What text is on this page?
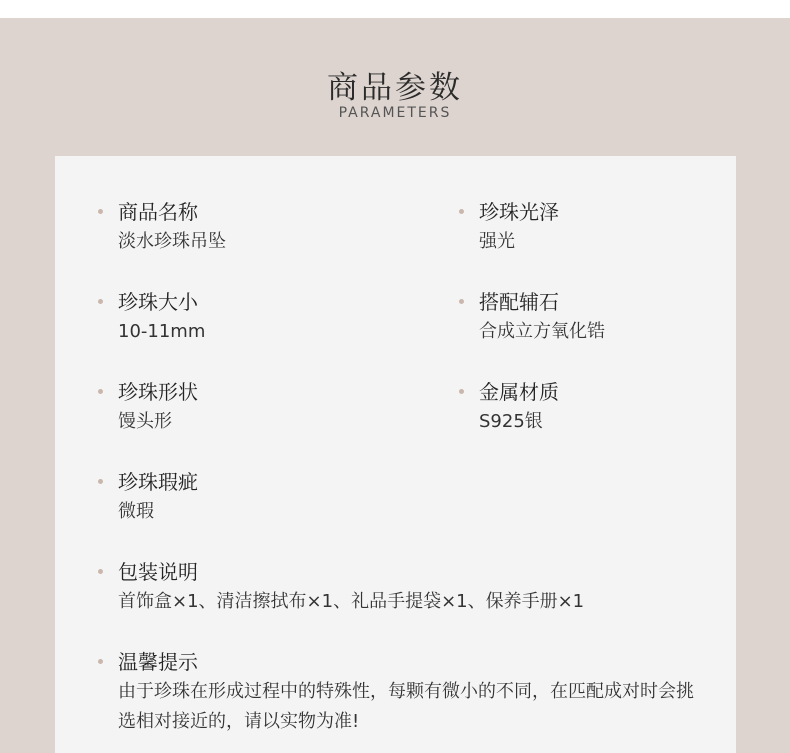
商品参数
PARAMETERS
商品名称
淡水珍珠吊坠
珍珠光泽
强光
珍珠大小
10-11mm
搭配辅石
合成立方氧化锆
珍珠形状
馒头形
金属材质
S925银
珍珠瑕疵
微瑕
包装说明
首饰盒×1、清洁擦拭布×1、礼品手提袋×1、保养手册×1
温馨提示
由于珍珠在形成过程中的特殊性，每颗有微小的不同，在匹配成对时会挑选相对接近的，请以实物为准!
